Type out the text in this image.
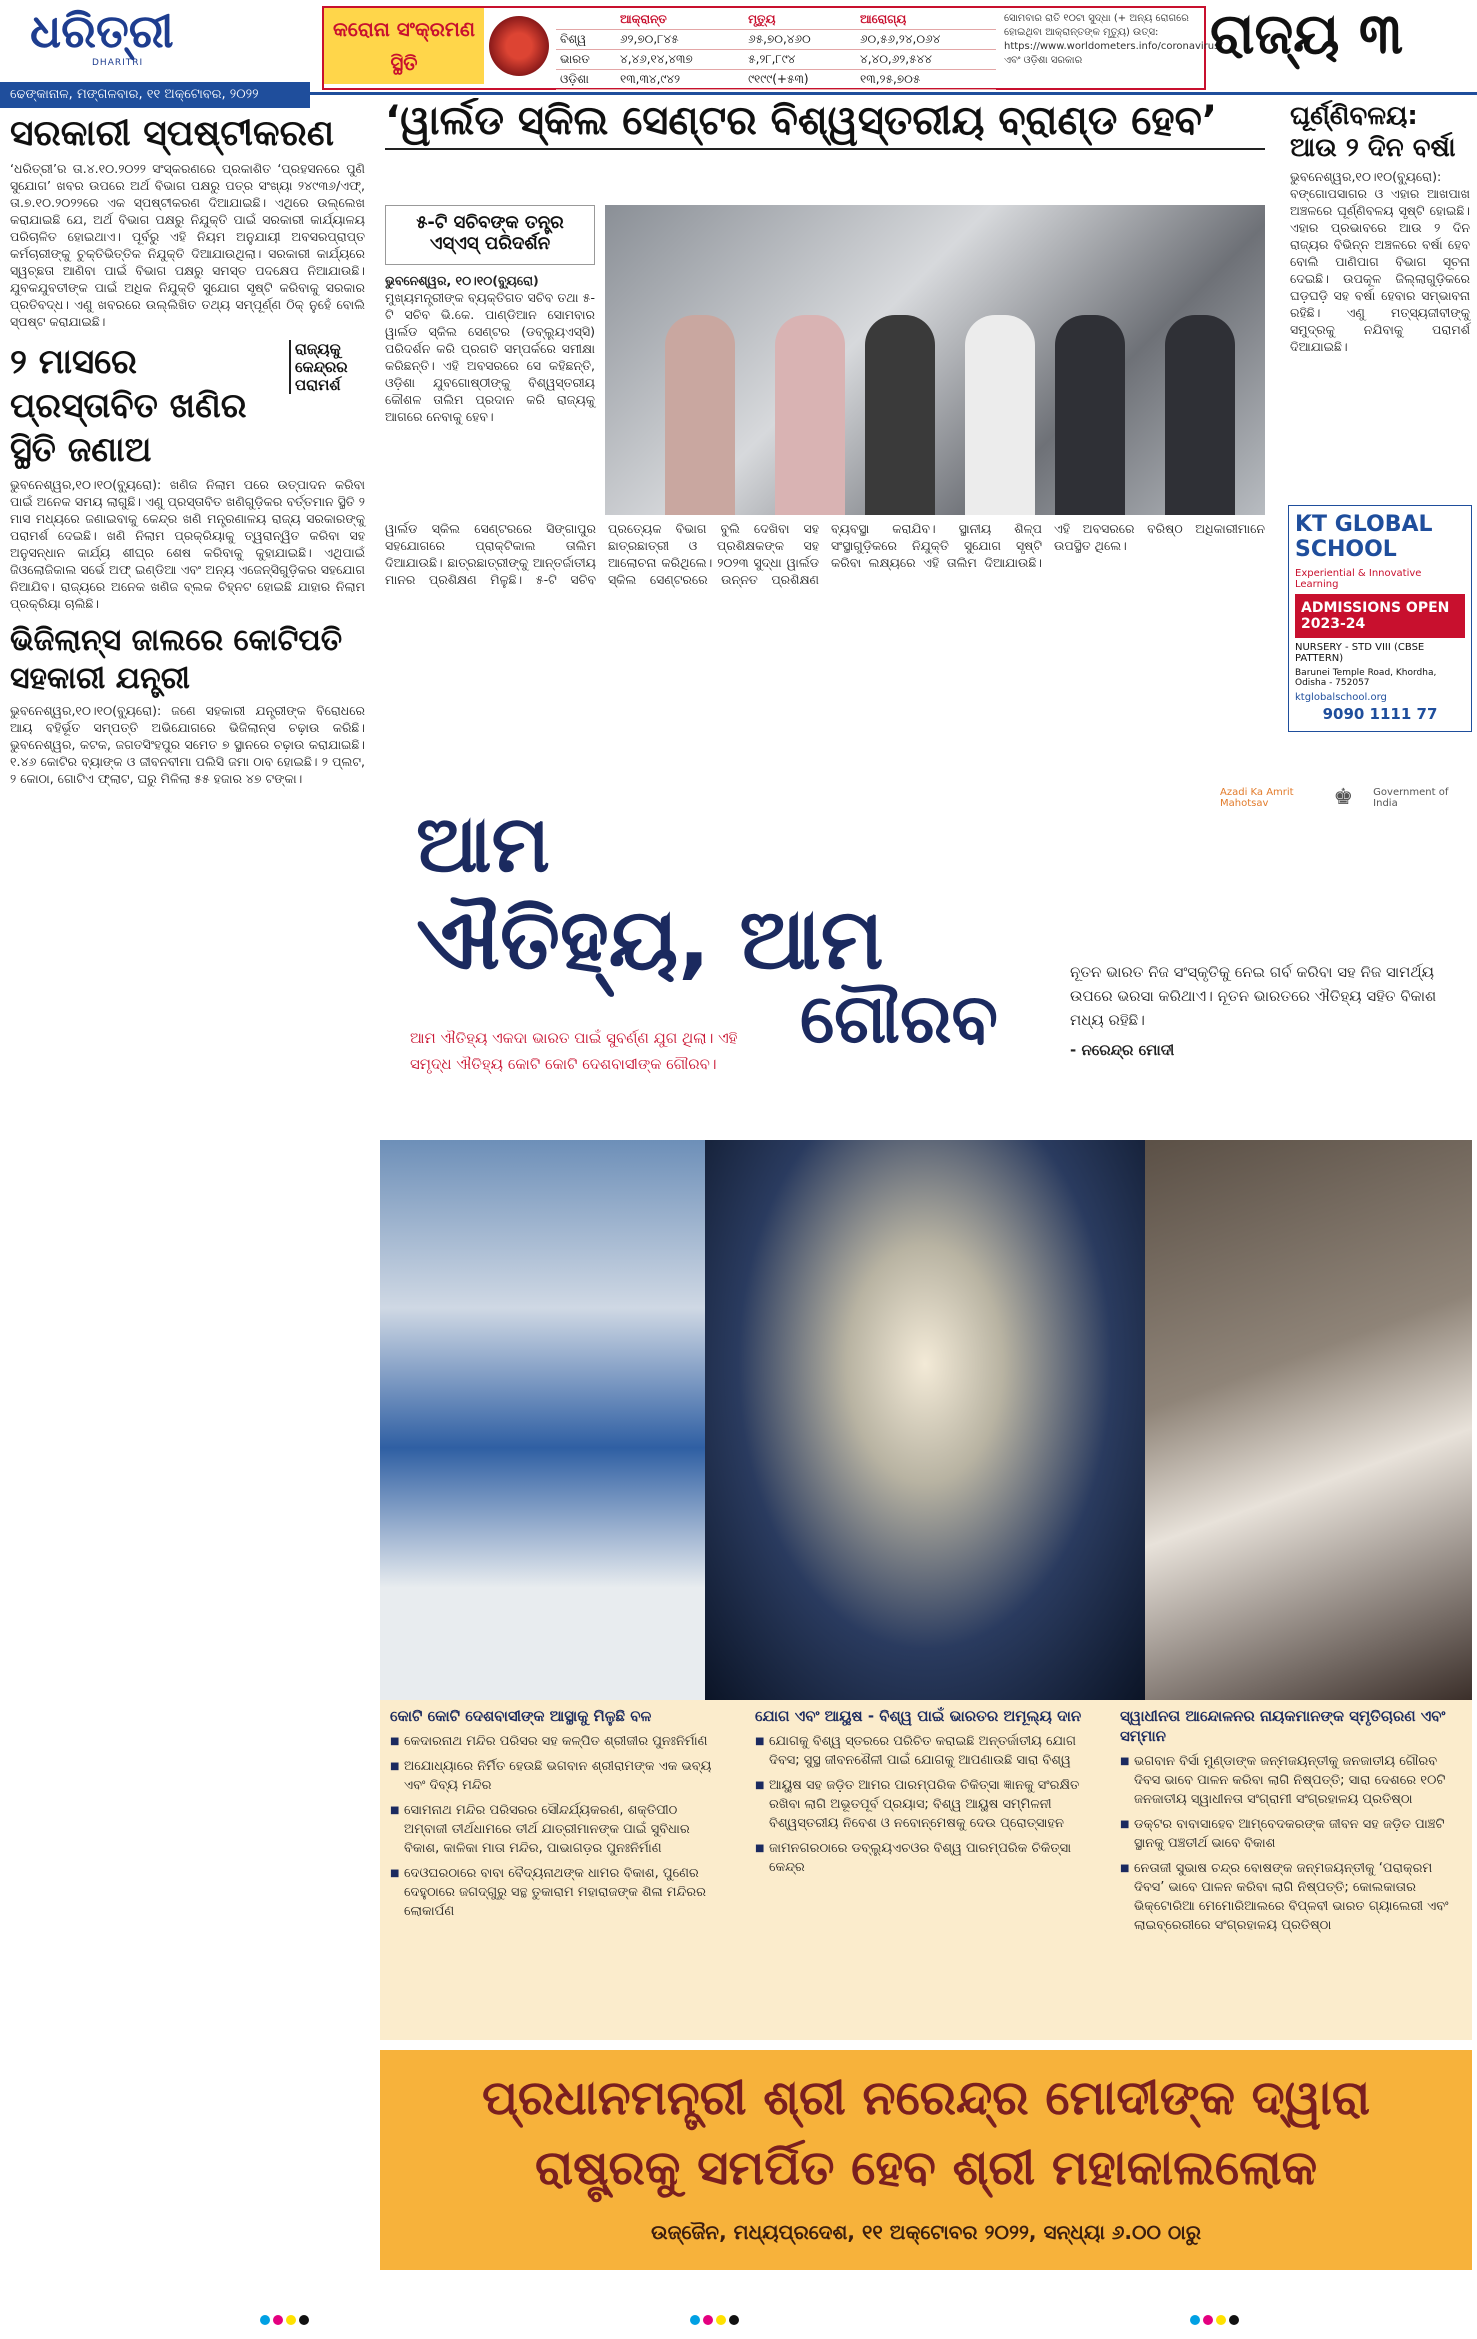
ଧରିତ୍ରୀ
DHARITRI
କରୋନା ସଂକ୍ରମଣ ସ୍ଥିତି
	ଆକ୍ରାନ୍ତ	ମୃତ୍ୟୁ	ଆରୋଗ୍ୟ
ବିଶ୍ୱ	୬୨,୭୦,୮୪୫	୬୫,୭୦,୪୬୦	୬୦,୫୬,୨୪,୦୬୪
ଭାରତ	୪,୪୬,୧୪,୪୩୭	୫,୨୮,୮୯୪	୪,୪୦,୬୨,୫୪୪
ଓଡ଼ିଶା	୧୩,୩୪,୯୪୨	୯୧୯୯(+୫୩)	୧୩,୨୫,୭୦୫
ସୋମବାର ରାତି ୧୦ଟା ସୁଦ୍ଧା (+ ଅନ୍ୟ ରୋଗରେ ହୋଇଥିବା ଆକ୍ରାନ୍ତଙ୍କ ମୃତ୍ୟୁ) ଉତ୍ସ: https://www.worldometers.info/coronavirus/ ଏବଂ ଓଡ଼ିଶା ସରକାର	ରାଜ୍ୟ ୩
ଢେଙ୍କାନାଳ, ମଙ୍ଗଳବାର, ୧୧ ଅକ୍ଟୋବର, ୨୦୨୨
‘ୱାର୍ଲଡ ସ୍କିଲ ସେଣ୍ଟର ବିଶ୍ୱସ୍ତରୀୟ ବ୍ରାଣ୍ଡ ହେବ’
ସରକାରୀ ସ୍ପଷ୍ଟୀକରଣ
‘ଧରିତ୍ରୀ’ର ତା.୪.୧୦.୨୦୨୨ ସଂସ୍କରଣରେ ପ୍ରକାଶିତ ‘ପ୍ରହସନରେ ପୁଣି ସୁଯୋଗ’ ଖବର ଉପରେ ଅର୍ଥ ବିଭାଗ ପକ୍ଷରୁ ପତ୍ର ସଂଖ୍ୟା ୨୪୯୩୬/ଏଫ୍, ତା.୭.୧୦.୨୦୨୨ରେ ଏକ ସ୍ପଷ୍ଟୀକରଣ ଦିଆଯାଇଛି। ଏଥିରେ ଉଲ୍ଲେଖ କରାଯାଇଛି ଯେ, ଅର୍ଥ ବିଭାଗ ପକ୍ଷରୁ ନିଯୁକ୍ତି ପାଇଁ ସରକାରୀ କାର୍ଯ୍ୟାଳୟ ପରିଚାଳିତ ହୋଇଥାଏ। ପୂର୍ବରୁ ଏହି ନିୟମ ଅନୁଯାୟୀ ଅବସରପ୍ରାପ୍ତ କର୍ମଚାରୀଙ୍କୁ ଚୁକ୍ତିଭିତ୍ତିକ ନିଯୁକ୍ତି ଦିଆଯାଉଥିଲା। ସରକାରୀ କାର୍ଯ୍ୟରେ ସ୍ୱଚ୍ଛତା ଆଣିବା ପାଇଁ ବିଭାଗ ପକ୍ଷରୁ ସମସ୍ତ ପଦକ୍ଷେପ ନିଆଯାଉଛି। ଯୁବକଯୁବତୀଙ୍କ ପାଇଁ ଅଧିକ ନିଯୁକ୍ତି ସୁଯୋଗ ସୃଷ୍ଟି କରିବାକୁ ସରକାର ପ୍ରତିବଦ୍ଧ। ଏଣୁ ଖବରରେ ଉଲ୍ଲିଖିତ ତଥ୍ୟ ସମ୍ପୂର୍ଣ୍ଣ ଠିକ୍ ନୁହେଁ ବୋଲି ସ୍ପଷ୍ଟ କରାଯାଇଛି।
୨ ମାସରେ ପ୍ରସ୍ତାବିତ ଖଣିର ସ୍ଥିତି ଜଣାଅ
ରାଜ୍ୟକୁ କେନ୍ଦ୍ରର ପରାମର୍ଶ
ଭୁବନେଶ୍ୱର,୧୦।୧୦(ବ୍ୟୁରୋ): ଖଣିଜ ନିଲାମ ପରେ ଉତ୍ପାଦନ କରିବା ପାଇଁ ଅନେକ ସମୟ ଲାଗୁଛି। ଏଣୁ ପ୍ରସ୍ତାବିତ ଖଣିଗୁଡ଼ିକର ବର୍ତ୍ତମାନ ସ୍ଥିତି ୨ ମାସ ମଧ୍ୟରେ ଜଣାଇବାକୁ କେନ୍ଦ୍ର ଖଣି ମନ୍ତ୍ରଣାଳୟ ରାଜ୍ୟ ସରକାରଙ୍କୁ ପରାମର୍ଶ ଦେଇଛି। ଖଣି ନିଲାମ ପ୍ରକ୍ରିୟାକୁ ତ୍ୱରାନ୍ୱିତ କରିବା ସହ ଅନୁସନ୍ଧାନ କାର୍ଯ୍ୟ ଶୀଘ୍ର ଶେଷ କରିବାକୁ କୁହାଯାଇଛି। ଏଥିପାଇଁ ଜିଓଲୋଜିକାଲ ସର୍ଭେ ଅଫ୍ ଇଣ୍ଡିଆ ଏବଂ ଅନ୍ୟ ଏଜେନ୍ସିଗୁଡ଼ିକର ସହଯୋଗ ନିଆଯିବ। ରାଜ୍ୟରେ ଅନେକ ଖଣିଜ ବ୍ଲକ ଚିହ୍ନଟ ହୋଇଛି ଯାହାର ନିଲାମ ପ୍ରକ୍ରିୟା ଚାଲିଛି।
ଭିଜିଲାନ୍ସ ଜାଲରେ କୋଟିପତି ସହକାରୀ ଯନ୍ତ୍ରୀ
ଭୁବନେଶ୍ୱର,୧୦।୧୦(ବ୍ୟୁରୋ): ଜଣେ ସହକାରୀ ଯନ୍ତ୍ରୀଙ୍କ ବିରୋଧରେ ଆୟ ବହିର୍ଭୂତ ସମ୍ପତ୍ତି ଅଭିଯୋଗରେ ଭିଜିଲାନ୍ସ ଚଢ଼ାଉ କରିଛି। ଭୁବନେଶ୍ୱର, କଟକ, ଜଗତସିଂହପୁର ସମେତ ୭ ସ୍ଥାନରେ ଚଢ଼ାଉ କରାଯାଇଛି। ୧.୪୬ କୋଟିର ବ୍ୟାଙ୍କ ଓ ଜୀବନବୀମା ପଲିସି ଜମା ଠାବ ହୋଇଛି। ୨ ପ୍ଲଟ, ୨ କୋଠା, ଗୋଟିଏ ଫ୍ଲାଟ, ଘରୁ ମିଳିଲା ୫୫ ହଜାର ୪୭ ଟଙ୍କା।
୫-ଟି ସଚିବଙ୍କ ତନ୍ତ୍ର ଏସ୍‌ଏସ୍ ପରିଦର୍ଶନ
ଭୁବନେଶ୍ୱର, ୧୦।୧୦(ବ୍ୟୁରୋ)
ମୁଖ୍ୟମନ୍ତ୍ରୀଙ୍କ ବ୍ୟକ୍ତିଗତ ସଚିବ ତଥା ୫-ଟି ସଚିବ ଭି.କେ. ପାଣ୍ଡିଆନ ସୋମବାର ୱାର୍ଲଡ ସ୍କିଲ ସେଣ୍ଟର (ଡବ୍ଲ୍ୟୁଏସ୍‌ସି) ପରିଦର୍ଶନ କରି ପ୍ରଗତି ସମ୍ପର୍କରେ ସମୀକ୍ଷା କରିଛନ୍ତି। ଏହି ଅବସରରେ ସେ କହିଛନ୍ତି, ଓଡ଼ିଶା ଯୁବଗୋଷ୍ଠୀଙ୍କୁ ବିଶ୍ୱସ୍ତରୀୟ କୌଶଳ ତାଲିମ ପ୍ରଦାନ କରି ରାଜ୍ୟକୁ ଆଗରେ ନେବାକୁ ହେବ।
ୱାର୍ଲଡ ସ୍କିଲ ସେଣ୍ଟରରେ ସିଙ୍ଗାପୁର ସହଯୋଗରେ ପ୍ରାକ୍ଟିକାଲ ତାଲିମ ଦିଆଯାଉଛି। ଛାତ୍ରଛାତ୍ରୀଙ୍କୁ ଆନ୍ତର୍ଜାତୀୟ ମାନର ପ୍ରଶିକ୍ଷଣ ମିଳୁଛି। ୫-ଟି ସଚିବ ପ୍ରତ୍ୟେକ ବିଭାଗ ବୁଲି ଦେଖିବା ସହ ଛାତ୍ରଛାତ୍ରୀ ଓ ପ୍ରଶିକ୍ଷକଙ୍କ ସହ ଆଲୋଚନା କରିଥିଲେ। ୨୦୨୩ ସୁଦ୍ଧା ୱାର୍ଲଡ ସ୍କିଲ ସେଣ୍ଟରରେ ଉନ୍ନତ ପ୍ରଶିକ୍ଷଣ ବ୍ୟବସ୍ଥା କରାଯିବ। ସ୍ଥାନୀୟ ଶିଳ୍ପ ସଂସ୍ଥାଗୁଡ଼ିକରେ ନିଯୁକ୍ତି ସୁଯୋଗ ସୃଷ୍ଟି କରିବା ଲକ୍ଷ୍ୟରେ ଏହି ତାଲିମ ଦିଆଯାଉଛି। ଏହି ଅବସରରେ ବରିଷ୍ଠ ଅଧିକାରୀମାନେ ଉପସ୍ଥିତ ଥିଲେ।
ଘୂର୍ଣ୍ଣିବଳୟ: ଆଉ ୨ ଦିନ ବର୍ଷା
ଭୁବନେଶ୍ୱର,୧୦।୧୦(ବ୍ୟୁରୋ): ବଙ୍ଗୋପସାଗର ଓ ଏହାର ଆଖପାଖ ଅଞ୍ଚଳରେ ଘୂର୍ଣ୍ଣିବଳୟ ସୃଷ୍ଟି ହୋଇଛି। ଏହାର ପ୍ରଭାବରେ ଆଉ ୨ ଦିନ ରାଜ୍ୟର ବିଭିନ୍ନ ଅଞ୍ଚଳରେ ବର୍ଷା ହେବ ବୋଲି ପାଣିପାଗ ବିଭାଗ ସୂଚନା ଦେଇଛି। ଉପକୂଳ ଜିଲ୍ଲାଗୁଡ଼ିକରେ ଘଡ଼ଘଡ଼ି ସହ ବର୍ଷା ହେବାର ସମ୍ଭାବନା ରହିଛି। ଏଣୁ ମତ୍ସ୍ୟଜୀବୀଙ୍କୁ ସମୁଦ୍ରକୁ ନଯିବାକୁ ପରାମର୍ଶ ଦିଆଯାଇଛି।
KT GLOBAL SCHOOL
Experiential & Innovative Learning
ADMISSIONS OPEN 2023-24
NURSERY - STD VIII (CBSE PATTERN)
Barunei Temple Road, Khordha, Odisha - 752057
ktglobalschool.org
9090 1111 77
ଆମ
ଐତିହ୍ୟ, ଆମ
ଗୌରବ
ଆମ ଐତିହ୍ୟ ଏକଦା ଭାରତ ପାଇଁ ସୁବର୍ଣ୍ଣ ଯୁଗ ଥିଲା। ଏହି ସମୃଦ୍ଧ ଐତିହ୍ୟ କୋଟି କୋଟି ଦେଶବାସୀଙ୍କ ଗୌରବ।
Azadi Ka Amrit Mahotsav	♚ Government of India
ନୂତନ ଭାରତ ନିଜ ସଂସ୍କୃତିକୁ ନେଇ ଗର୍ବ କରିବା ସହ ନିଜ ସାମର୍ଥ୍ୟ ଉପରେ ଭରସା କରିଥାଏ। ନୂତନ ଭାରତରେ ଐତିହ୍ୟ ସହିତ ବିକାଶ ମଧ୍ୟ ରହିଛି।
- ନରେନ୍ଦ୍ର ମୋଦୀ
କୋଟି କୋଟି ଦେଶବାସୀଙ୍କ ଆସ୍ଥାକୁ ମିଳୁଛି ବଳ
■ କେଦାରନାଥ ମନ୍ଦିର ପରିସର ସହ କଳ୍ପିତ ଶ୍ରୀଜୀର ପୁନଃନିର୍ମାଣ
■ ଅଯୋଧ୍ୟାରେ ନିର୍ମିତ ହେଉଛି ଭଗବାନ ଶ୍ରୀରାମଙ୍କ ଏକ ଭବ୍ୟ ଏବଂ ଦିବ୍ୟ ମନ୍ଦିର
■ ସୋମନାଥ ମନ୍ଦିର ପରିସରର ସୌନ୍ଦର୍ଯ୍ୟକରଣ, ଶକ୍ତିପୀଠ ଅମ୍ବାଜୀ ତୀର୍ଥଧାମରେ ତୀର୍ଥ ଯାତ୍ରୀମାନଙ୍କ ପାଇଁ ସୁବିଧାର ବିକାଶ, କାଳିକା ମାତା ମନ୍ଦିର, ପାଭାଗଡ଼ର ପୁନଃନିର୍ମାଣ
■ ଦେଓଘରଠାରେ ବାବା ବୈଦ୍ୟନାଥଙ୍କ ଧାମର ବିକାଶ, ପୁଣେର ଦେହୁଠାରେ ଜଗଦ୍‌ଗୁରୁ ସନ୍ଥ ତୁକାରାମ ମହାରାଜଙ୍କ ଶିଳା ମନ୍ଦିରର ଲୋକାର୍ପଣ
ଯୋଗ ଏବଂ ଆୟୁଷ - ବିଶ୍ୱ ପାଇଁ ଭାରତର ଅମୂଲ୍ୟ ଦାନ
■ ଯୋଗକୁ ବିଶ୍ୱ ସ୍ତରରେ ପରିଚିତ କରାଇଛି ଅନ୍ତର୍ଜାତୀୟ ଯୋଗ ଦିବସ; ସୁସ୍ଥ ଜୀବନଶୈଳୀ ପାଇଁ ଯୋଗକୁ ଆପଣାଉଛି ସାରା ବିଶ୍ୱ
■ ଆୟୁଷ ସହ ଜଡ଼ିତ ଆମର ପାରମ୍ପରିକ ଚିକିତ୍ସା ଜ୍ଞାନକୁ ସଂରକ୍ଷିତ ରଖିବା ଲାଗି ଅଭୂତପୂର୍ବ ପ୍ରୟାସ; ବିଶ୍ୱ ଆୟୁଷ ସମ୍ମିଳନୀ ବିଶ୍ୱସ୍ତରୀୟ ନିବେଶ ଓ ନବୋନ୍ମେଷକୁ ଦେଉ ପ୍ରୋତ୍ସାହନ
■ ଜାମନଗରଠାରେ ଡବ୍ଲ୍ୟୁଏଚଓର ବିଶ୍ୱ ପାରମ୍ପରିକ ଚିକିତ୍ସା କେନ୍ଦ୍ର
ସ୍ୱାଧୀନତା ଆନ୍ଦୋଳନର ନାୟକମାନଙ୍କ ସ୍ମୃତିଚାରଣ ଏବଂ ସମ୍ମାନ
■ ଭଗବାନ ବିର୍ସା ମୁଣ୍ଡାଙ୍କ ଜନ୍ମଜୟନ୍ତୀକୁ ଜନଜାତୀୟ ଗୌରବ ଦିବସ ଭାବେ ପାଳନ କରିବା ଲାଗି ନିଷ୍ପତ୍ତି; ସାରା ଦେଶରେ ୧୦ଟି ଜନଜାତୀୟ ସ୍ୱାଧୀନତା ସଂଗ୍ରାମୀ ସଂଗ୍ରହାଳୟ ପ୍ରତିଷ୍ଠା
■ ଡକ୍ଟର ବାବାସାହେବ ଆମ୍ବେଦକରଙ୍କ ଜୀବନ ସହ ଜଡ଼ିତ ପାଞ୍ଚଟି ସ୍ଥାନକୁ ପଞ୍ଚତୀର୍ଥ ଭାବେ ବିକାଶ
■ ନେତାଜୀ ସୁଭାଷ ଚନ୍ଦ୍ର ବୋଷଙ୍କ ଜନ୍ମଜୟନ୍ତୀକୁ ‘ପରାକ୍ରମ ଦିବସ’ ଭାବେ ପାଳନ କରିବା ଲାଗି ନିଷ୍ପତ୍ତି; କୋଲକାତାର ଭିକ୍ଟୋରିଆ ମେମୋରିଆଲରେ ବିପ୍ଳବୀ ଭାରତ ଗ୍ୟାଲେରୀ ଏବଂ ଲାଇବ୍ରେରୀରେ ସଂଗ୍ରହାଳୟ ପ୍ରତିଷ୍ଠା
ପ୍ରଧାନମନ୍ତ୍ରୀ ଶ୍ରୀ ନରେନ୍ଦ୍ର ମୋଦୀଙ୍କ ଦ୍ୱାରା
ରାଷ୍ଟ୍ରକୁ ସମର୍ପିତ ହେବ ଶ୍ରୀ ମହାକାଲଲୋକ
ଉଜ୍ଜୈନ, ମଧ୍ୟପ୍ରଦେଶ, ୧୧ ଅକ୍ଟୋବର ୨୦୨୨, ସନ୍ଧ୍ୟା ୬.୦୦ ଠାରୁ
